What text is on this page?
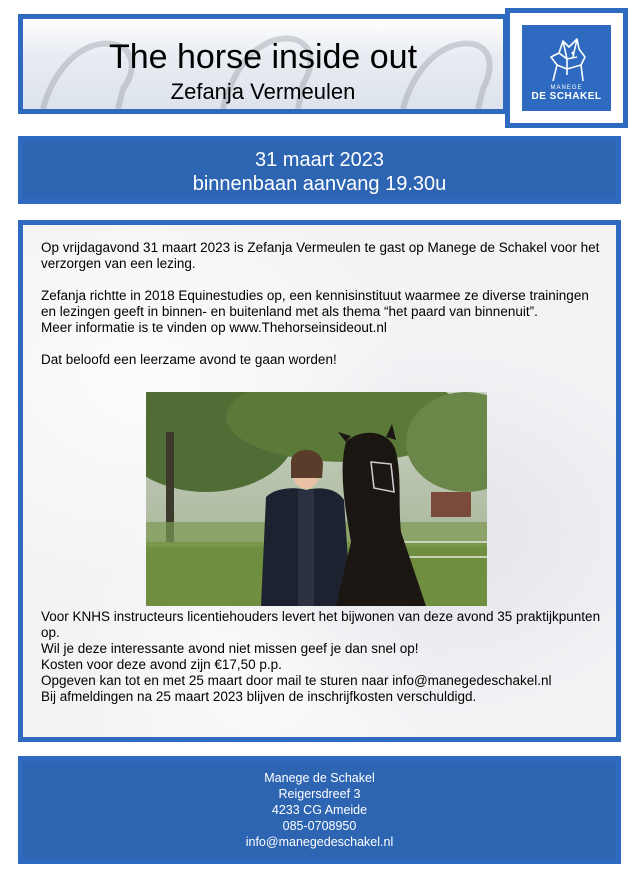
The horse inside out
Zefanja Vermeulen	MANEGE
DE SCHAKEL
31 maart 2023
binnenbaan aanvang 19.30u

Op vrijdagavond 31 maart 2023 is Zefanja Vermeulen te gast op Manege de Schakel voor het verzorgen van een lezing.

Zefanja richtte in 2018 Equinestudies op, een kennisinstituut waarmee ze diverse trainingen en lezingen geeft in binnen- en buitenland met als thema “het paard van binnenuit”.

Meer informatie is te vinden op www.Thehorseinsideout.nl

Dat beloofd een leerzame avond te gaan worden!

Voor KNHS instructeurs licentiehouders levert het bijwonen van deze avond 35 praktijkpunten op.

Wil je deze interessante avond niet missen geef je dan snel op!

Kosten voor deze avond zijn €17,50 p.p.

Opgeven kan tot en met 25 maart door mail te sturen naar info@manegedeschakel.nl

Bij afmeldingen na 25 maart 2023 blijven de inschrijfkosten verschuldigd.

Manege de Schakel
Reigersdreef 3
4233 CG Ameide
085-0708950
info@manegedeschakel.nl
